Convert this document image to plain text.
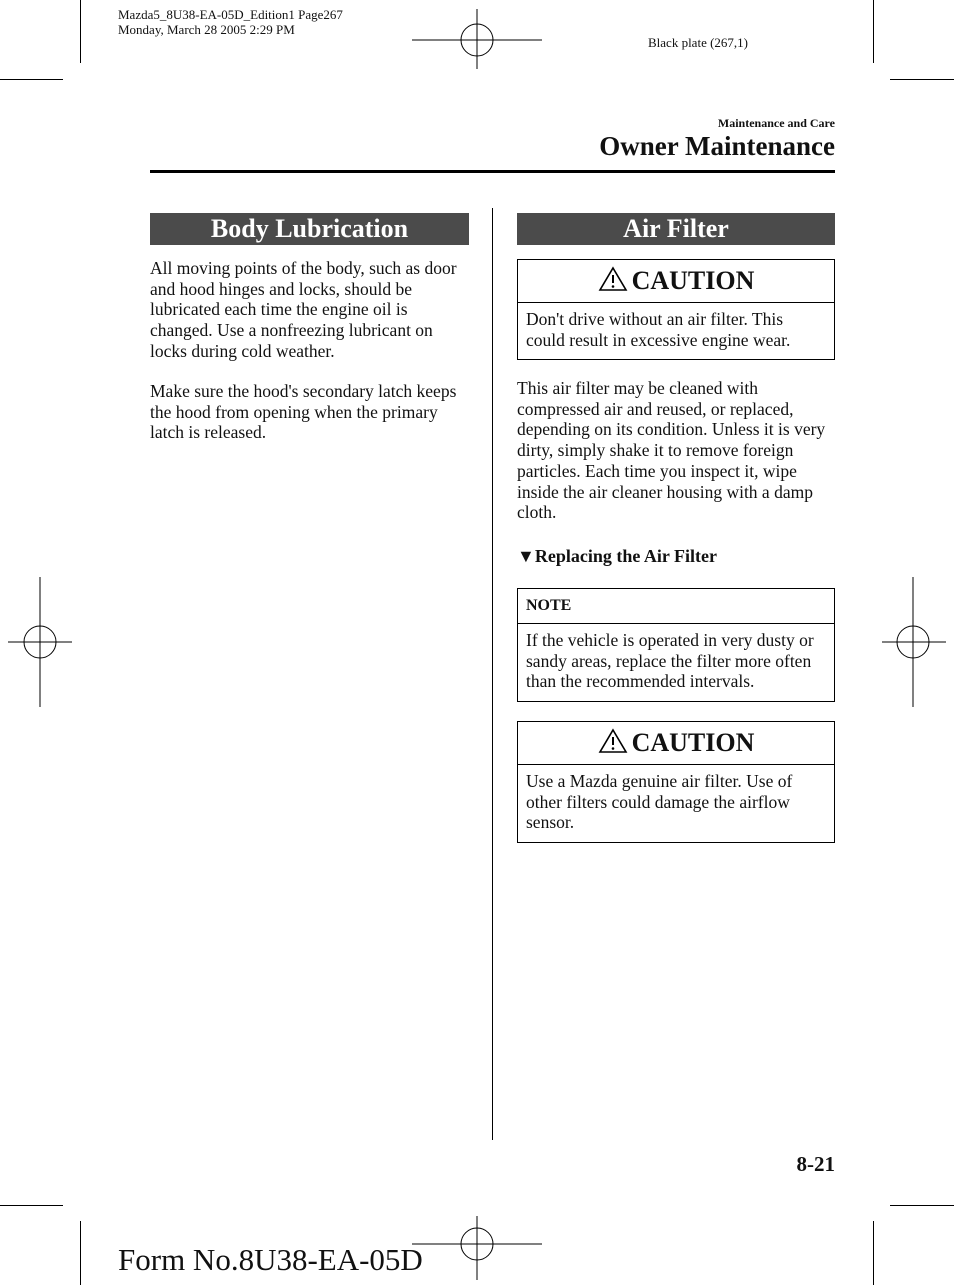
Mazda5_8U38-EA-05D_Edition1 Page267
Monday, March 28 2005 2:29 PM
Black plate (267,1)
Maintenance and Care
Owner Maintenance
Body Lubrication
All moving points of the body, such as door and hood hinges and locks, should be lubricated each time the engine oil is changed. Use a nonfreezing lubricant on locks during cold weather.
Make sure the hood's secondary latch keeps the hood from opening when the primary latch is released.
Air Filter
CAUTION
Don't drive without an air filter. This could result in excessive engine wear.
This air filter may be cleaned with compressed air and reused, or replaced, depending on its condition. Unless it is very dirty, simply shake it to remove foreign particles. Each time you inspect it, wipe inside the air cleaner housing with a damp cloth.
▼Replacing the Air Filter
NOTE
If the vehicle is operated in very dusty or sandy areas, replace the filter more often than the recommended intervals.
CAUTION
Use a Mazda genuine air filter. Use of other filters could damage the airflow sensor.
8-21
Form No.8U38-EA-05D
